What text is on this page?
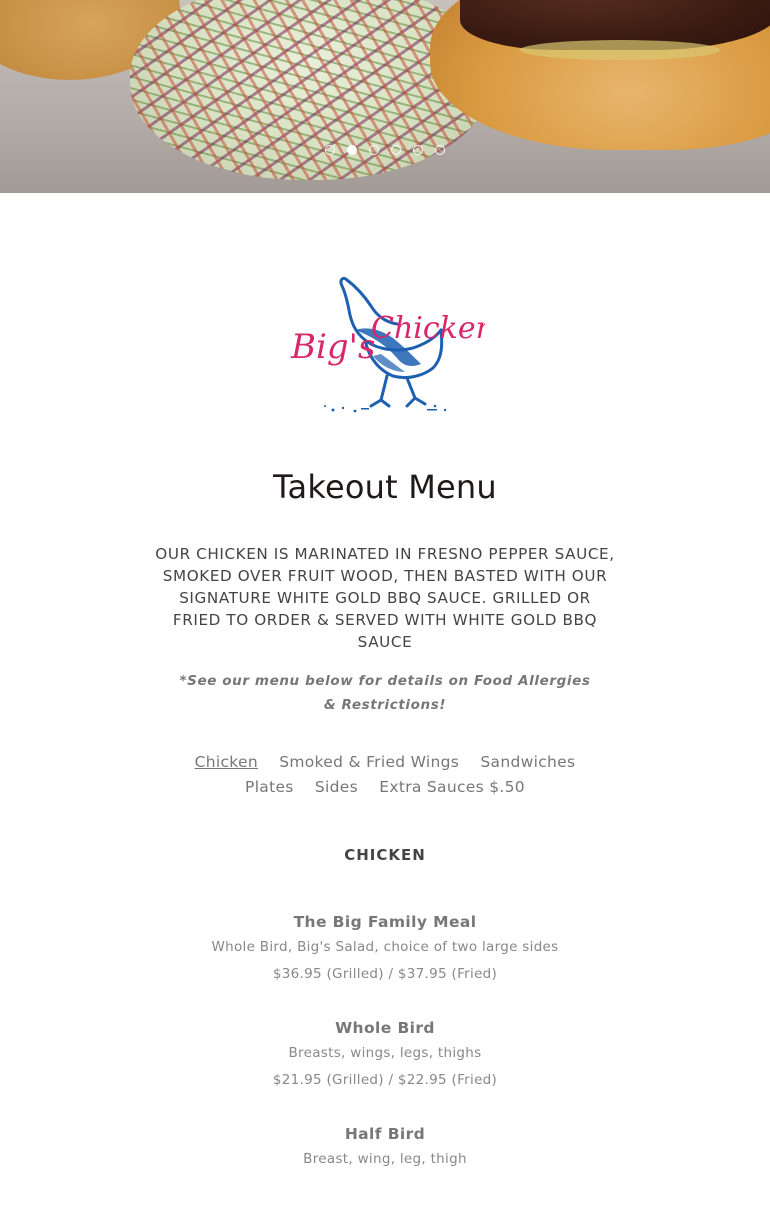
Big's
Chicken
Takeout Menu

OUR CHICKEN IS MARINATED IN FRESNO PEPPER SAUCE, SMOKED OVER FRUIT WOOD, THEN BASTED WITH OUR SIGNATURE WHITE GOLD BBQ SAUCE. GRILLED OR FRIED TO ORDER & SERVED WITH WHITE GOLD BBQ SAUCE

*See our menu below for details on Food Allergies & Restrictions!

Chicken Smoked & Fried Wings Sandwiches
Plates Sides Extra Sauces $.50
CHICKEN
The Big Family Meal
Whole Bird, Big's Salad, choice of two large sides
$36.95 (Grilled) / $37.95 (Fried)
Whole Bird
Breasts, wings, legs, thighs
$21.95 (Grilled) / $22.95 (Fried)
Half Bird
Breast, wing, leg, thigh
